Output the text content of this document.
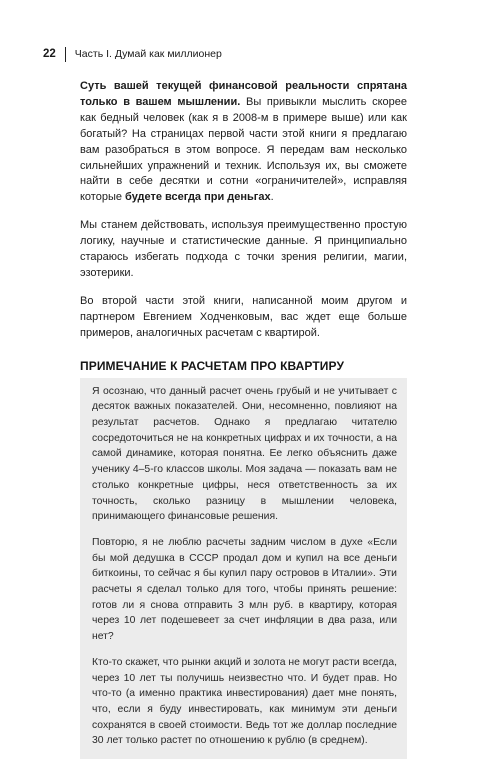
22 Часть I. Думай как миллионер

Суть вашей текущей финансовой реальности спрятана только в вашем мышлении. Вы привыкли мыслить скорее как бедный человек (как я в 2008-м в примере выше) или как богатый? На страницах первой части этой книги я предлагаю вам разобраться в этом вопросе. Я передам вам несколько сильнейших упражнений и техник. Используя их, вы сможете найти в себе десятки и сотни «ограничителей», исправляя которые будете всегда при деньгах.

Мы станем действовать, используя преимущественно простую логику, научные и статистические данные. Я принципиально стараюсь избегать подхода с точки зрения религии, магии, эзотерики.

Во второй части этой книги, написанной моим другом и партнером Евгением Ходченковым, вас ждет еще больше примеров, аналогичных расчетам с квартирой.

ПРИМЕЧАНИЕ К РАСЧЕТАМ ПРО КВАРТИРУ

Я осознаю, что данный расчет очень грубый и не учитывает с десяток важных показателей. Они, несомненно, повлияют на результат расчетов. Однако я предлагаю читателю сосредоточиться не на конкретных цифрах и их точности, а на самой динамике, которая понятна. Ее легко объяснить даже ученику 4–5-го классов школы. Моя задача — показать вам не столько конкретные цифры, неся ответственность за их точность, сколько разницу в мышлении человека, принимающего финансовые решения.

Повторю, я не люблю расчеты задним числом в духе «Если бы мой дедушка в СССР продал дом и купил на все деньги биткоины, то сейчас я бы купил пару островов в Италии». Эти расчеты я сделал только для того, чтобы принять решение: готов ли я снова отправить 3 млн руб. в квартиру, которая через 10 лет подешевеет за счет инфляции в два раза, или нет?

Кто-то скажет, что рынки акций и золота не могут расти всегда, через 10 лет ты получишь неизвестно что. И будет прав. Но что-то (а именно практика инвестирования) дает мне понять, что, если я буду инвестировать, как минимум эти деньги сохранятся в своей стоимости. Ведь тот же доллар последние 30 лет только растет по отношению к рублю (в среднем).
